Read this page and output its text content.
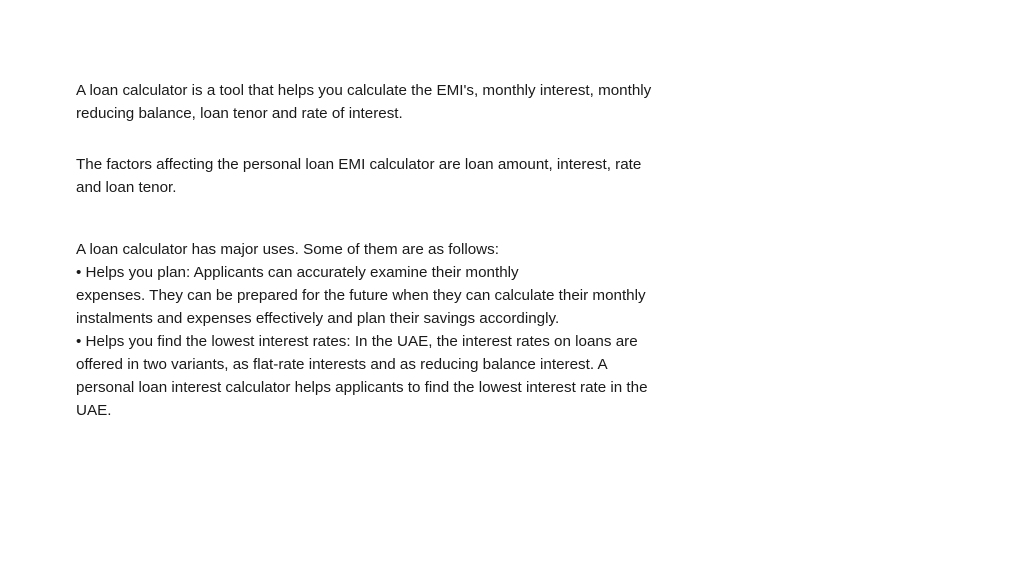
A loan calculator is a tool that helps you calculate the EMI's, monthly interest, monthly

reducing balance, loan tenor and rate of interest.

The factors affecting the personal loan EMI calculator are loan amount, interest, rate

and loan tenor.

A loan calculator has major uses. Some of them are as follows:

• Helps you plan: Applicants can accurately examine their monthly

expenses. They can be prepared for the future when they can calculate their monthly

instalments and expenses effectively and plan their savings accordingly.

• Helps you find the lowest interest rates: In the UAE, the interest rates on loans are

offered in two variants, as flat-rate interests and as reducing balance interest. A

personal loan interest calculator helps applicants to find the lowest interest rate in the

UAE.
